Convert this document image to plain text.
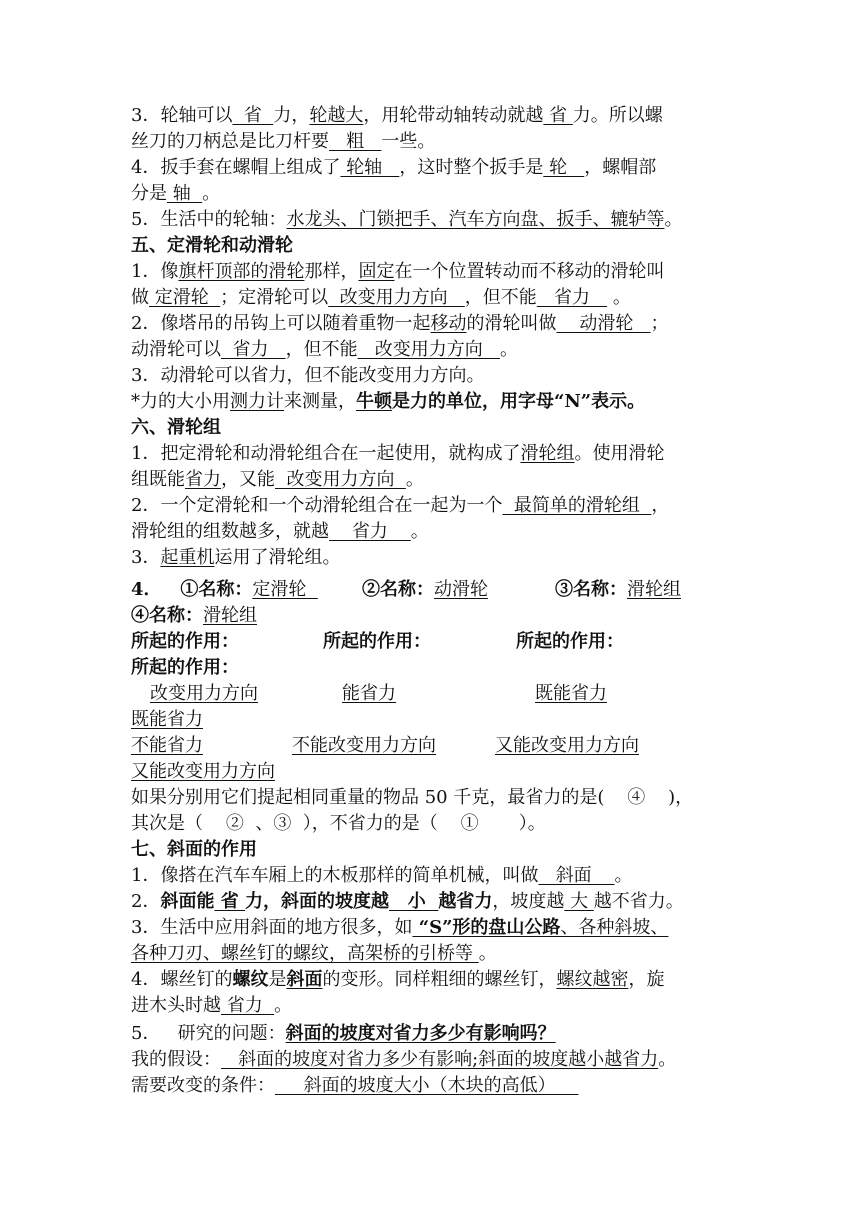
3．轮轴可以  省  力，轮越大，用轮带动轴转动就越 省 力。所以螺
丝刀的刀柄总是比刀杆要   粗   一些。
4．扳手套在螺帽上组成了 轮轴   ，这时整个扳手是 轮   ，螺帽部
分是 轴  。
5．生活中的轮轴：水龙头、门锁把手、汽车方向盘、扳手、辘轳等。
五、定滑轮和动滑轮
1．像旗杆顶部的滑轮那样，固定在一个位置转动而不移动的滑轮叫
做 定滑轮  ；定滑轮可以  改变用力方向   ，但不能   省力    。
2．像塔吊的吊钩上可以随着重物一起移动的滑轮叫做    动滑轮   ；
动滑轮可以  省力   ，但不能   改变用力方向   。
3．动滑轮可以省力，但不能改变用力方向。
*力的大小用测力计来测量，牛顿是力的单位，用字母“N”表示。
六、滑轮组
1．把定滑轮和动滑轮组合在一起使用，就构成了滑轮组。使用滑轮
组既能省力，又能  改变用力方向  。
2．一个定滑轮和一个动滑轮组合在一起为一个  最简单的滑轮组  ，
滑轮组的组数越多，就越    省力    。
3．起重机运用了滑轮组。
4．   ①名称：定滑轮 ②名称：动滑轮	③名称：滑轮组
④名称：滑轮组
所起的作用：	所起的作用：	所起的作用：
所起的作用：
改变用力方向	能省力	既能省力
既能省力
不能省力	不能改变用力方向	又能改变用力方向
又能改变用力方向
如果分别用它们提起相同重量的物品 50 千克，最省力的是(    ④    )，
其次是（    ②  、③  ），不省力的是（    ①       ）。
七、斜面的作用
1．像搭在汽车车厢上的木板那样的简单机械，叫做   斜面    。
2．斜面能 省 力，斜面的坡度越   小  越省力，坡度越 大 越不省力。
3．生活中应用斜面的地方很多，如 “S”形的盘山公路、各种斜坡、
各种刀刃、螺丝钉的螺纹，高架桥的引桥等 。
4．螺丝钉的螺纹是斜面的变形。同样粗细的螺丝钉，螺纹越密，旋
进木头时越 省力  。
5．   研究的问题：斜面的坡度对省力多少有影响吗？
我的假设：   斜面的坡度对省力多少有影响;斜面的坡度越小越省力。
需要改变的条件：     斜面的坡度大小（木块的高低）
